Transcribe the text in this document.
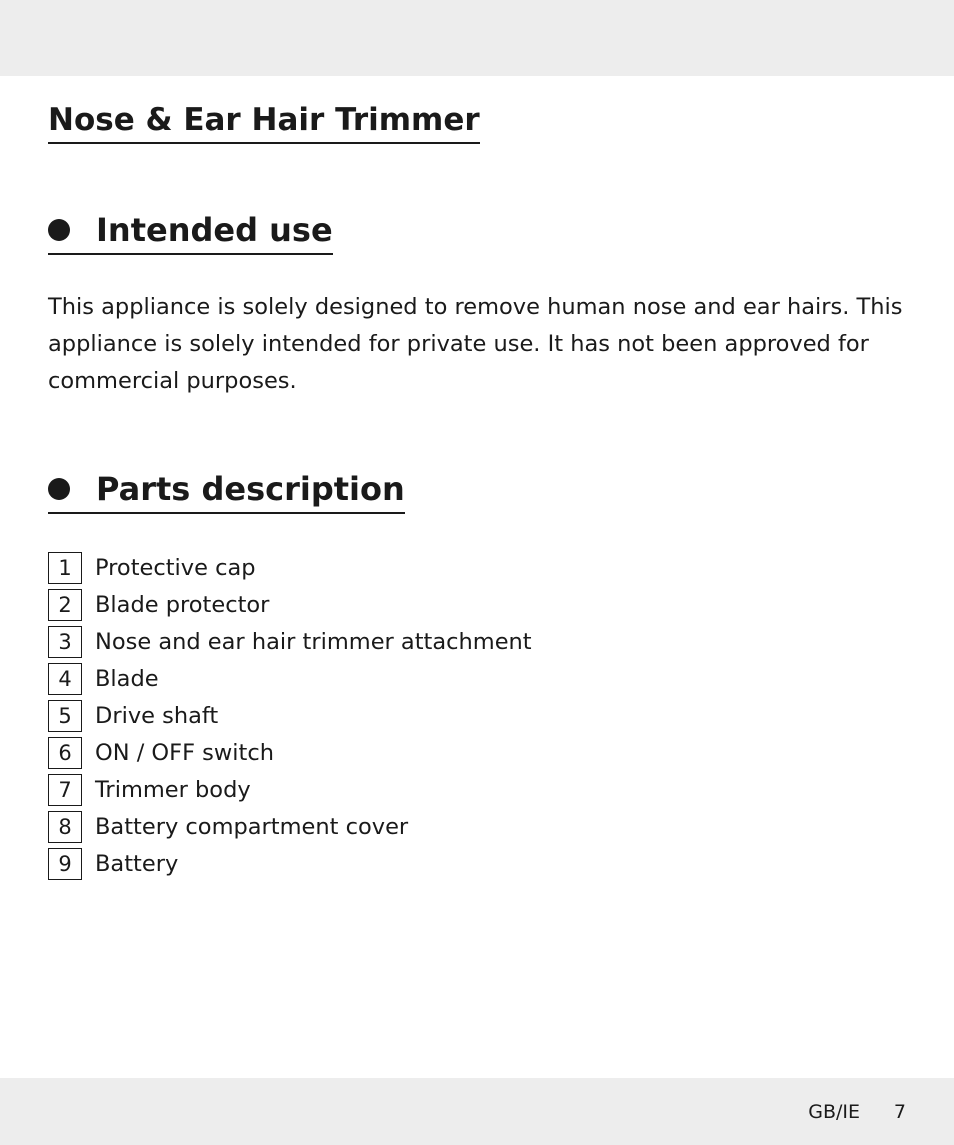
Nose & Ear Hair Trimmer
Intended use

This appliance is solely designed to remove human nose and ear hairs. This appliance is solely intended for private use. It has not been approved for commercial purposes.

Parts description
1	Protective cap
2	Blade protector
3	Nose and ear hair trimmer attachment
4	Blade
5	Drive shaft
6	ON / OFF switch
7	Trimmer body
8	Battery compartment cover
9	Battery
GB/IE 7
